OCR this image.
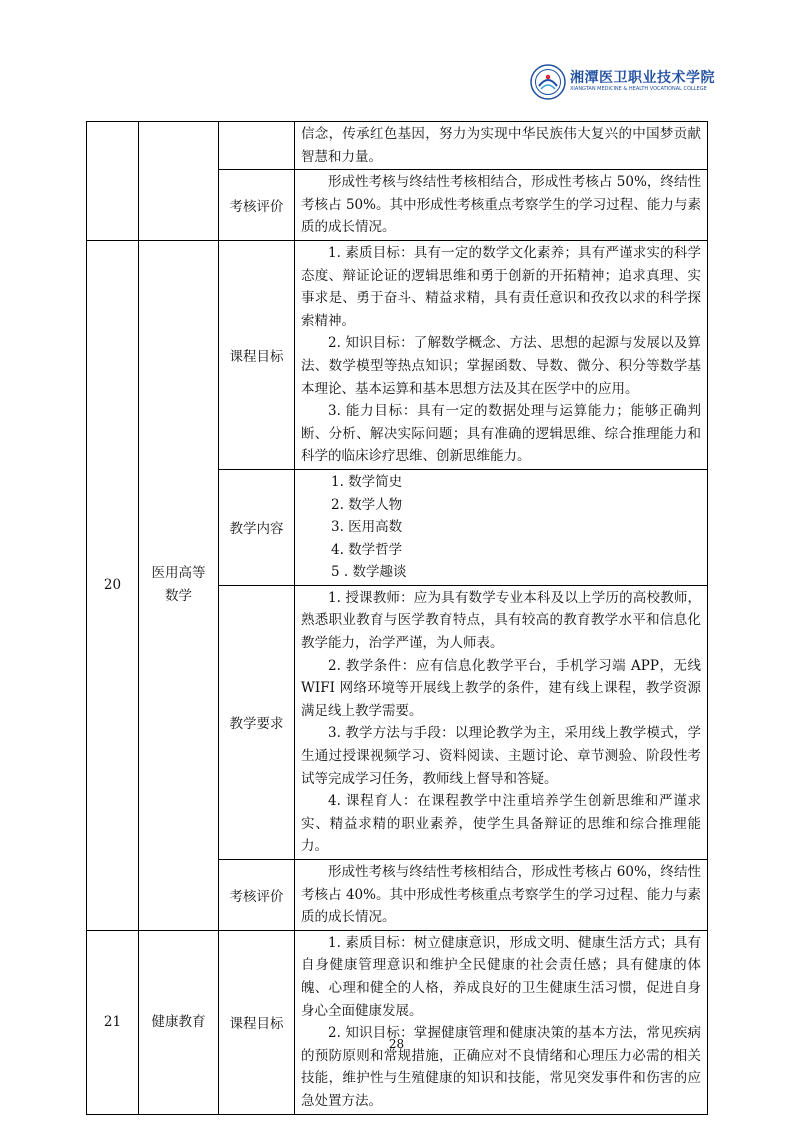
湘潭医卫职业技术学院
XIANGTAN MEDICINE & HEALTH VOCATIONAL COLLEGE

			信念，传承红色基因，努力为实现中华民族伟大复兴的中国梦贡献智慧和力量。

		考核评价	形成性考核与终结性考核相结合，形成性考核占 50%，终结性考核占 50%。其中形成性考核重点考察学生的学习过程、能力与素质的成长情况。

20	医用高等数学	课程目标	1. 素质目标：具有一定的数学文化素养；具有严谨求实的科学态度、辩证论证的逻辑思维和勇于创新的开拓精神；追求真理、实事求是、勇于奋斗、精益求精，具有责任意识和孜孜以求的科学探索精神。
2. 知识目标：了解数学概念、方法、思想的起源与发展以及算法、数学模型等热点知识；掌握函数、导数、微分、积分等数学基本理论、基本运算和基本思想方法及其在医学中的应用。
3. 能力目标：具有一定的数据处理与运算能力；能够正确判断、分析、解决实际问题；具有准确的逻辑思维、综合推理能力和科学的临床诊疗思维、创新思维能力。

		教学内容	1. 数学简史
2. 数学人物
3. 医用高数
4. 数学哲学
5 . 数学趣谈

		教学要求	1. 授课教师：应为具有数学专业本科及以上学历的高校教师，熟悉职业教育与医学教育特点，具有较高的教育教学水平和信息化教学能力，治学严谨，为人师表。
2. 教学条件：应有信息化教学平台，手机学习端 APP，无线 WIFI 网络环境等开展线上教学的条件，建有线上课程，教学资源满足线上教学需要。
3. 教学方法与手段：以理论教学为主，采用线上教学模式，学生通过授课视频学习、资料阅读、主题讨论、章节测验、阶段性考试等完成学习任务，教师线上督导和答疑。
4. 课程育人：在课程教学中注重培养学生创新思维和严谨求实、精益求精的职业素养，使学生具备辩证的思维和综合推理能力。

		考核评价	形成性考核与终结性考核相结合，形成性考核占 60%，终结性考核占 40%。其中形成性考核重点考察学生的学习过程、能力与素质的成长情况。

21	健康教育	课程目标	1. 素质目标：树立健康意识，形成文明、健康生活方式；具有自身健康管理意识和维护全民健康的社会责任感；具有健康的体魄、心理和健全的人格，养成良好的卫生健康生活习惯，促进自身身心全面健康发展。
2. 知识目标：掌握健康管理和健康决策的基本方法，常见疾病的预防原则和常规措施，正确应对不良情绪和心理压力必需的相关技能，维护性与生殖健康的知识和技能，常见突发事件和伤害的应急处置方法。
28
